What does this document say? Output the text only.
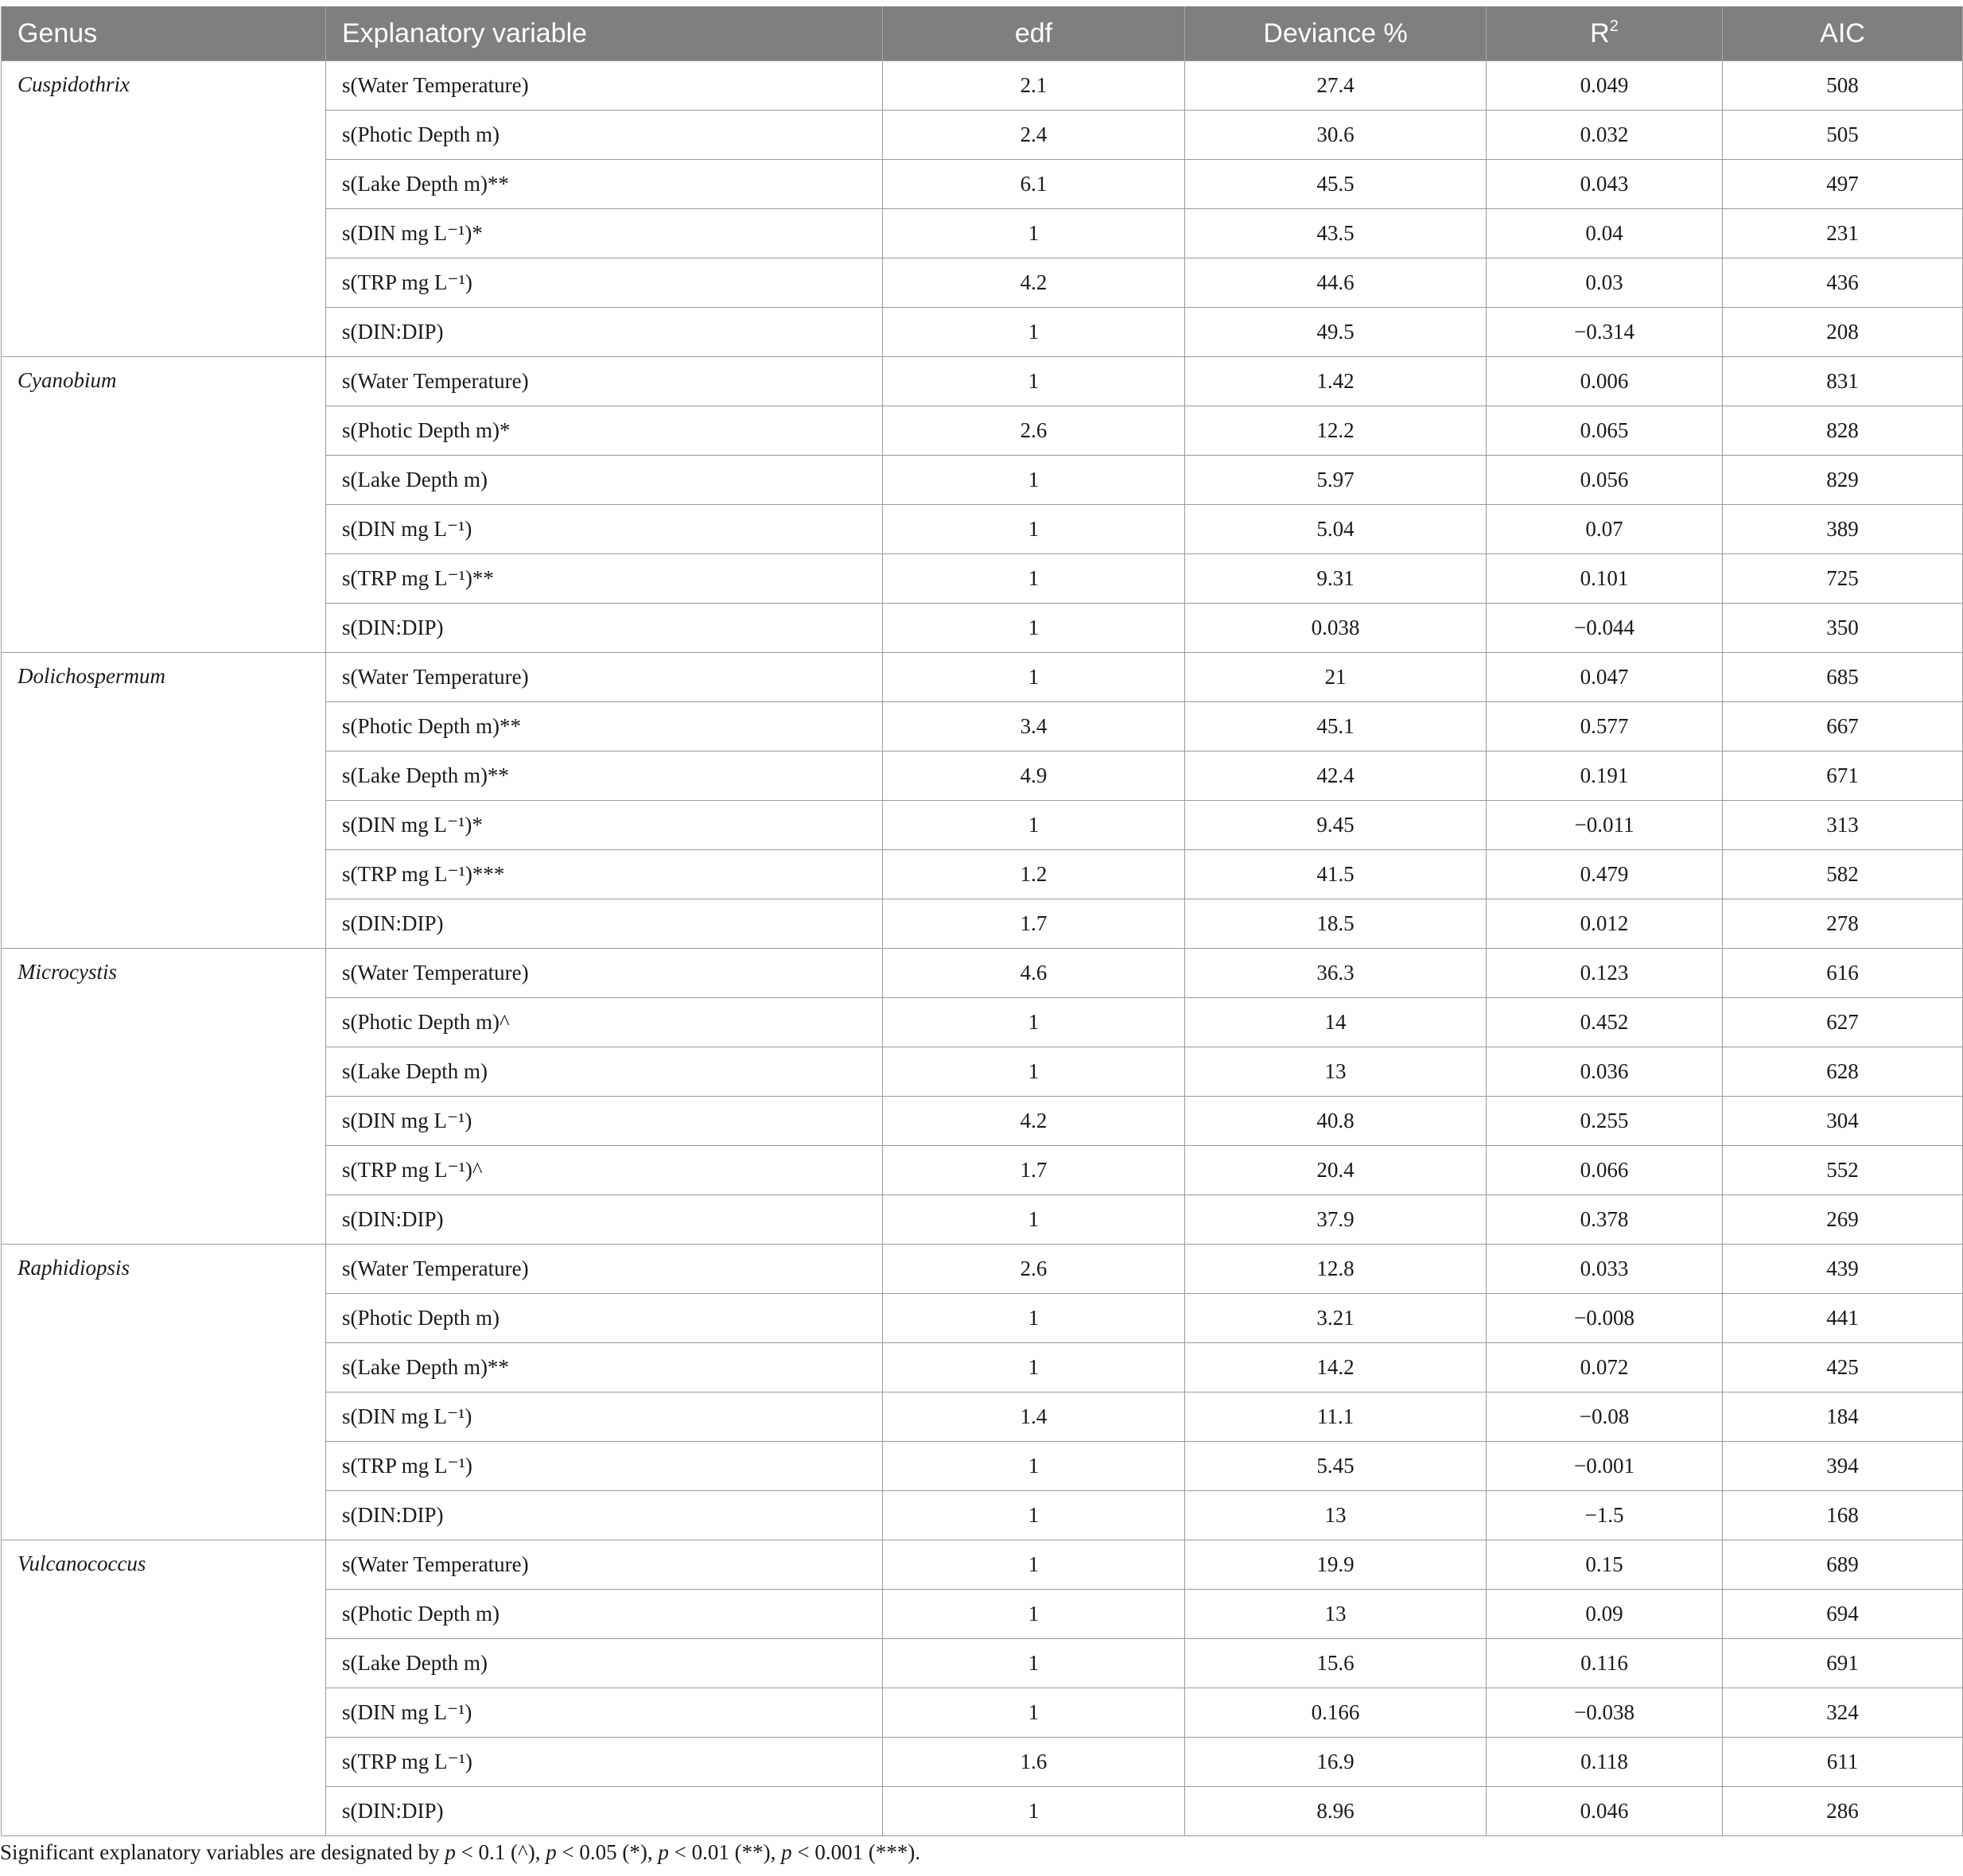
Genus	Explanatory variable	edf	Deviance %	$R^2$	AIC
Cuspidothrix	s(Water Temperature)	2.1	27.4	0.049	508
	s(Photic Depth m)	2.4	30.6	0.032	505
	s(Lake Depth m)**	6.1	45.5	0.043	497
	s(DIN mg L⁻¹)*	1	43.5	0.04	231
	s(TRP mg L⁻¹)	4.2	44.6	0.03	436
	s(DIN:DIP)	1	49.5	−0.314	208
Cyanobium	s(Water Temperature)	1	1.42	0.006	831
	s(Photic Depth m)*	2.6	12.2	0.065	828
	s(Lake Depth m)	1	5.97	0.056	829
	s(DIN mg L⁻¹)	1	5.04	0.07	389
	s(TRP mg L⁻¹)**	1	9.31	0.101	725
	s(DIN:DIP)	1	0.038	−0.044	350
Dolichospermum	s(Water Temperature)	1	21	0.047	685
	s(Photic Depth m)**	3.4	45.1	0.577	667
	s(Lake Depth m)**	4.9	42.4	0.191	671
	s(DIN mg L⁻¹)*	1	9.45	−0.011	313
	s(TRP mg L⁻¹)***	1.2	41.5	0.479	582
	s(DIN:DIP)	1.7	18.5	0.012	278
Microcystis	s(Water Temperature)	4.6	36.3	0.123	616
	s(Photic Depth m)^	1	14	0.452	627
	s(Lake Depth m)	1	13	0.036	628
	s(DIN mg L⁻¹)	4.2	40.8	0.255	304
	s(TRP mg L⁻¹)^	1.7	20.4	0.066	552
	s(DIN:DIP)	1	37.9	0.378	269
Raphidiopsis	s(Water Temperature)	2.6	12.8	0.033	439
	s(Photic Depth m)	1	3.21	−0.008	441
	s(Lake Depth m)**	1	14.2	0.072	425
	s(DIN mg L⁻¹)	1.4	11.1	−0.08	184
	s(TRP mg L⁻¹)	1	5.45	−0.001	394
	s(DIN:DIP)	1	13	−1.5	168
Vulcanococcus	s(Water Temperature)	1	19.9	0.15	689
	s(Photic Depth m)	1	13	0.09	694
	s(Lake Depth m)	1	15.6	0.116	691
	s(DIN mg L⁻¹)	1	0.166	−0.038	324
	s(TRP mg L⁻¹)	1.6	16.9	0.118	611
	s(DIN:DIP)	1	8.96	0.046	286
Significant explanatory variables are designated by p < 0.1 (^), p < 0.05 (*), p < 0.01 (**), p < 0.001 (***).
